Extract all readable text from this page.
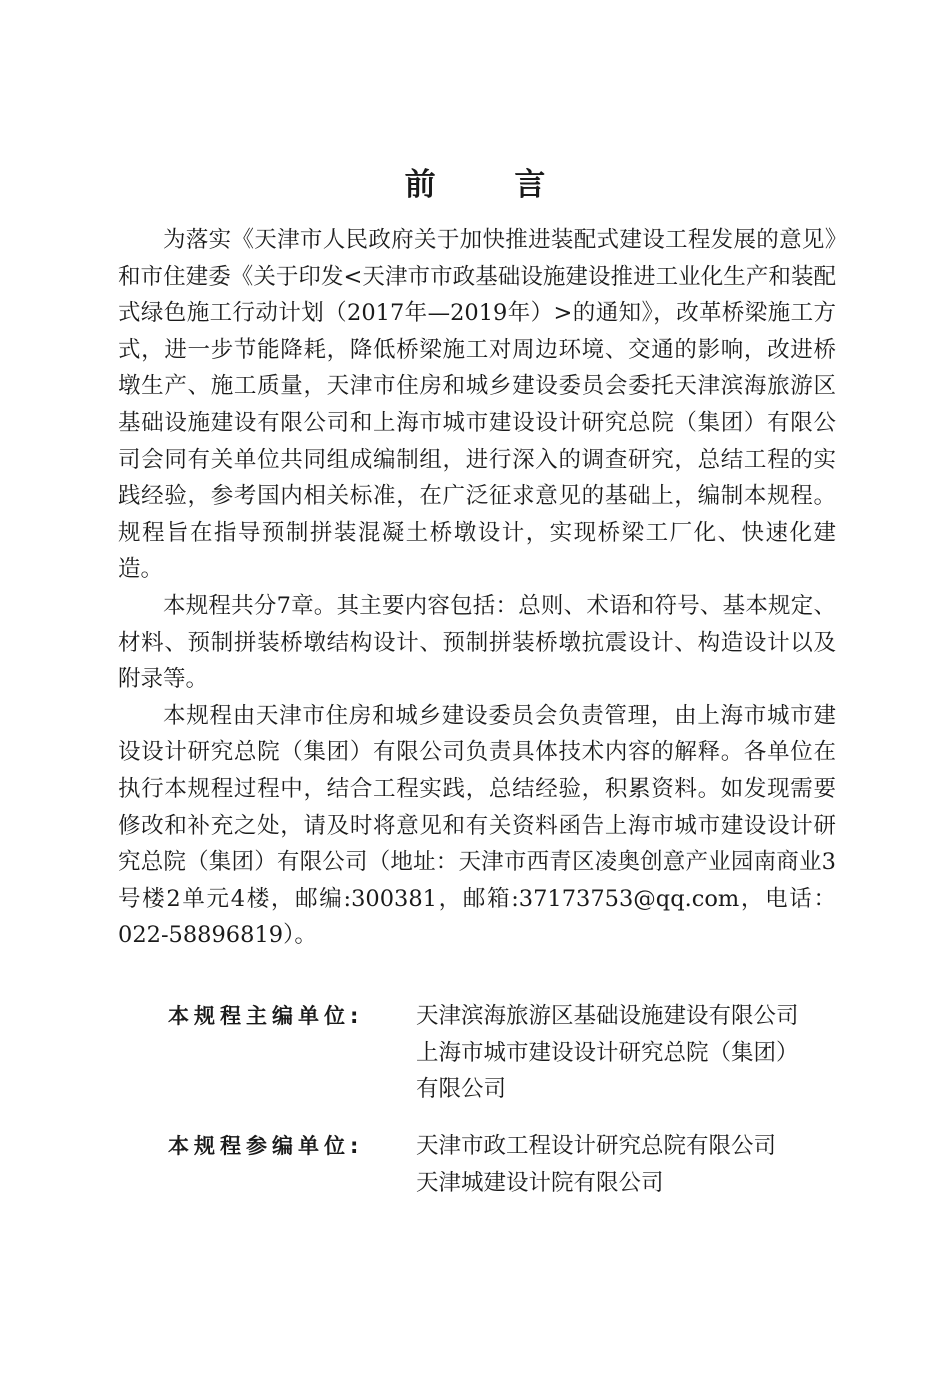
前 言

为落实《天津市人民政府关于加快推进装配式建设工程发展的意见》和市住建委《关于印发<天津市市政基础设施建设推进工业化生产和装配式绿色施工行动计划（2017年—2019年）>的通知》，改革桥梁施工方式，进一步节能降耗，降低桥梁施工对周边环境、交通的影响，改进桥墩生产、施工质量，天津市住房和城乡建设委员会委托天津滨海旅游区基础设施建设有限公司和上海市城市建设设计研究总院（集团）有限公司会同有关单位共同组成编制组，进行深入的调查研究，总结工程的实践经验，参考国内相关标准，在广泛征求意见的基础上，编制本规程。规程旨在指导预制拼装混凝土桥墩设计，实现桥梁工厂化、快速化建造。

本规程共分7章。其主要内容包括：总则、术语和符号、基本规定、材料、预制拼装桥墩结构设计、预制拼装桥墩抗震设计、构造设计以及附录等。

本规程由天津市住房和城乡建设委员会负责管理，由上海市城市建设设计研究总院（集团）有限公司负责具体技术内容的解释。各单位在执行本规程过程中，结合工程实践，总结经验，积累资料。如发现需要修改和补充之处，请及时将意见和有关资料函告上海市城市建设设计研究总院（集团）有限公司（地址：天津市西青区凌奥创意产业园南商业3号楼2单元4楼，邮编:300381，邮箱:37173753@qq.com，电话：022-58896819）。

本规程主编单位:	天津滨海旅游区基础设施建设有限公司
上海市城市建设设计研究总院（集团）
有限公司
本规程参编单位:	天津市政工程设计研究总院有限公司
天津城建设计院有限公司
